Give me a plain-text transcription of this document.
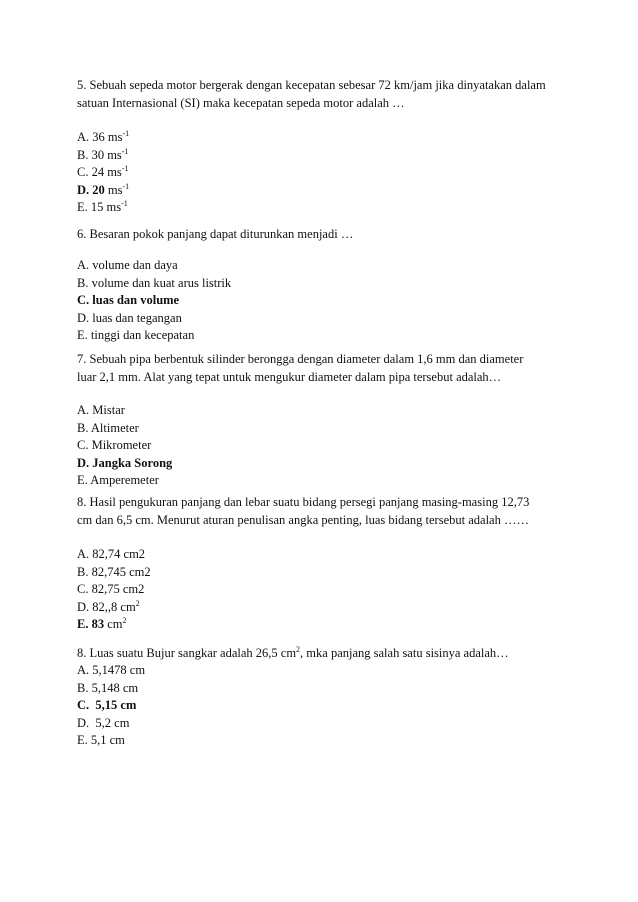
5. Sebuah sepeda motor bergerak dengan kecepatan sebesar 72 km/jam jika dinyatakan dalam

satuan Internasional (SI) maka kecepatan sepeda motor adalah …

A. 36 $ms^{-1}$
B. 30 $ms^{-1}$
C. 24 $ms^{-1}$
D. 20 $ms^{-1}$
E. 15 $ms^{-1}$

6. Besaran pokok panjang dapat diturunkan menjadi …

A. volume dan daya
B. volume dan kuat arus listrik
C. luas dan volume
D. luas dan tegangan
E. tinggi dan kecepatan

7. Sebuah pipa berbentuk silinder berongga dengan diameter dalam 1,6 mm dan diameter

luar 2,1 mm. Alat yang tepat untuk mengukur diameter dalam pipa tersebut adalah…

A. Mistar
B. Altimeter
C. Mikrometer
D. Jangka Sorong
E. Amperemeter

8. Hasil pengukuran panjang dan lebar suatu bidang persegi panjang masing-masing 12,73

cm dan 6,5 cm. Menurut aturan penulisan angka penting, luas bidang tersebut adalah ……

A. 82,74 cm2
B. 82,745 cm2
C. 82,75 cm2
D. 82,,8 $cm^2$
E. 83 $cm^2$

8. Luas suatu Bujur sangkar adalah 26,5 $cm^2$, mka panjang salah satu sisinya adalah…

A. 5,1478 cm
B. 5,148 cm
C.  5,15 cm
D.  5,2 cm
E. 5,1 cm
